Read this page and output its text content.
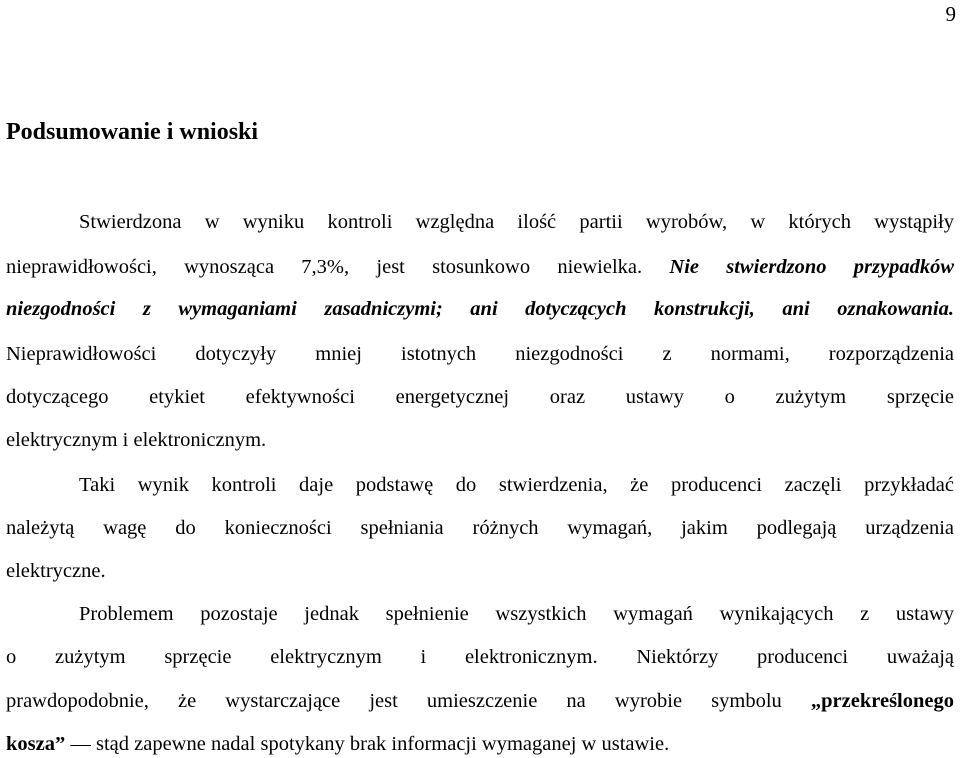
9
Podsumowanie i wnioski
Stwierdzona w wyniku kontroli względna ilość partii wyrobów, w których wystąpiły
nieprawidłowości, wynosząca 7,3%, jest stosunkowo niewielka. Nie stwierdzono przypadków
niezgodności z wymaganiami zasadniczymi; ani dotyczących konstrukcji, ani oznakowania.
Nieprawidłowości dotyczyły mniej istotnych niezgodności z normami, rozporządzenia
dotyczącego etykiet efektywności energetycznej oraz ustawy o zużytym sprzęcie
elektrycznym i elektronicznym.
Taki wynik kontroli daje podstawę do stwierdzenia, że producenci zaczęli przykładać
należytą wagę do konieczności spełniania różnych wymagań, jakim podlegają urządzenia
elektryczne.
Problemem pozostaje jednak spełnienie wszystkich wymagań wynikających z ustawy
o zużytym sprzęcie elektrycznym i elektronicznym. Niektórzy producenci uważają
prawdopodobnie, że wystarczające jest umieszczenie na wyrobie symbolu „przekreślonego
kosza” — stąd zapewne nadal spotykany brak informacji wymaganej w ustawie.
